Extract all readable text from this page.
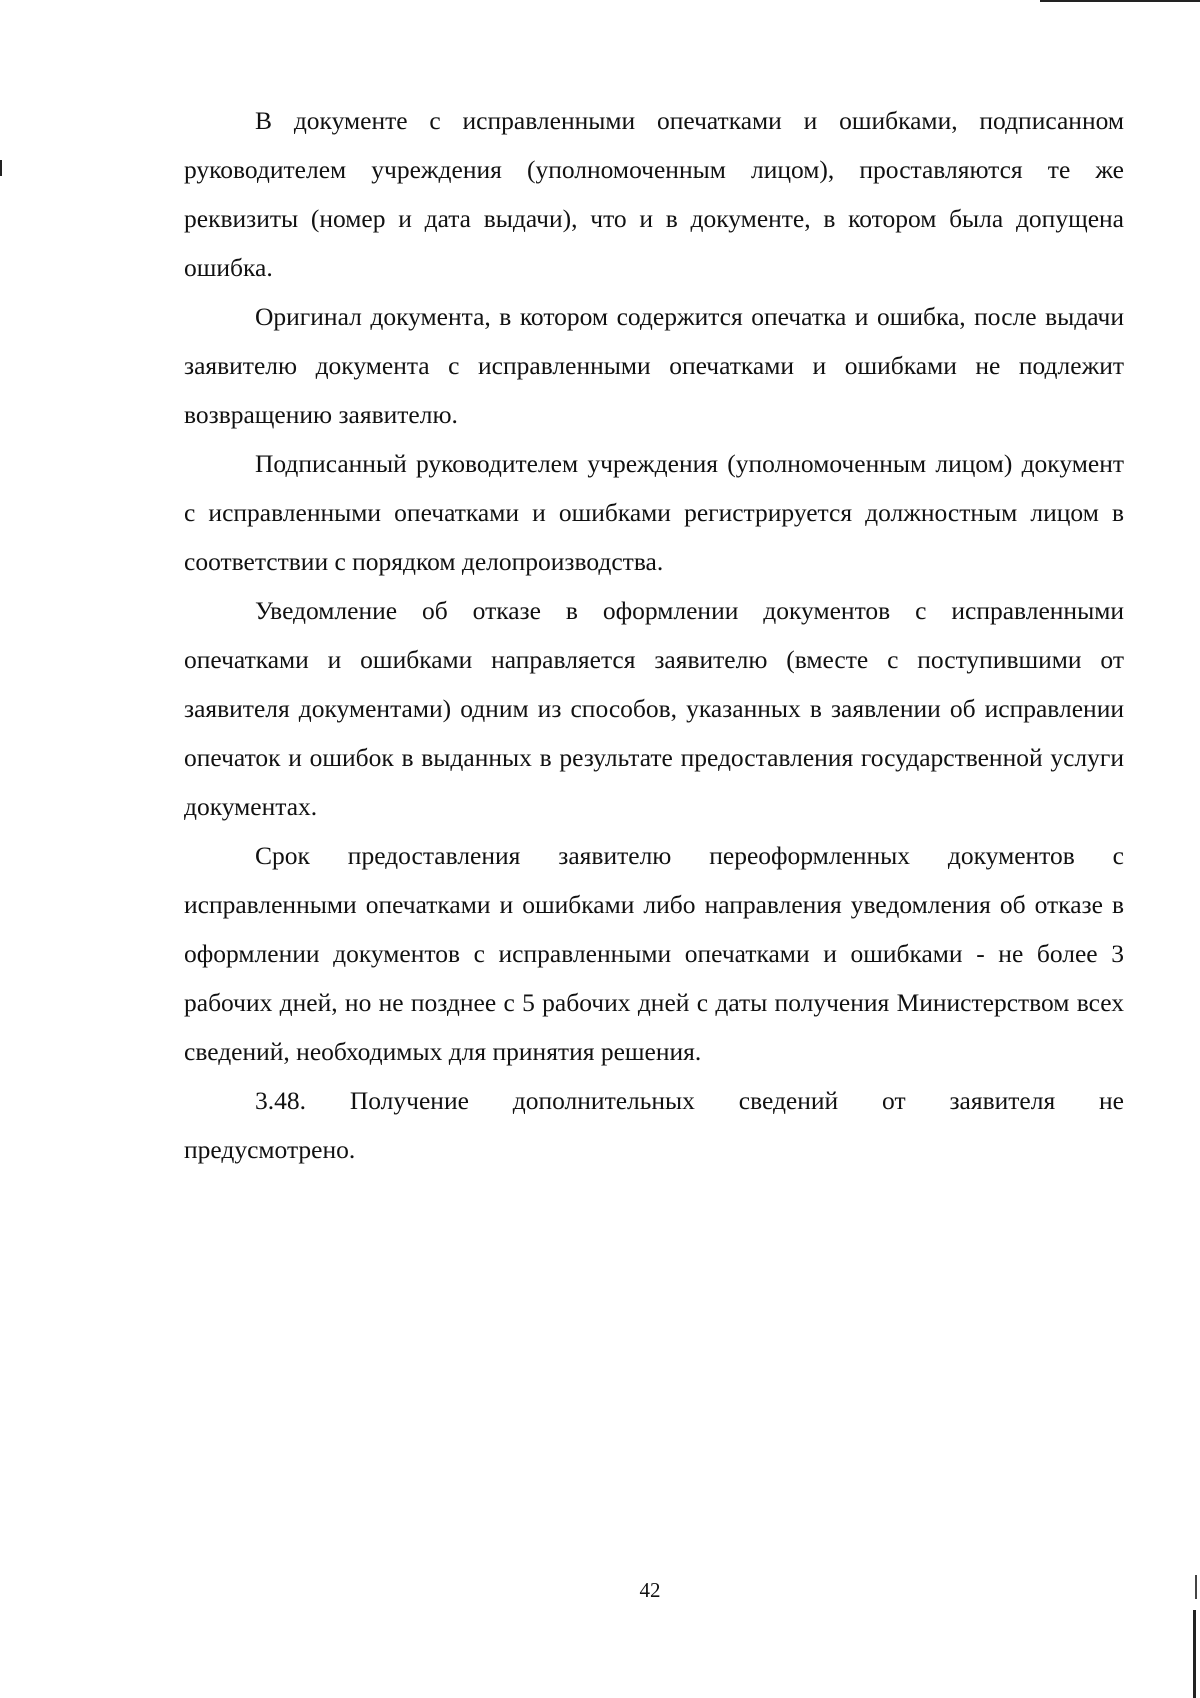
В документе с исправленными опечатками и ошибками, подписанном руководителем учреждения (уполномоченным лицом), проставляются те же реквизиты (номер и дата выдачи), что и в документе, в котором была допущена ошибка.

Оригинал документа, в котором содержится опечатка и ошибка, после выдачи заявителю документа с исправленными опечатками и ошибками не подлежит возвращению заявителю.

Подписанный руководителем учреждения (уполномоченным лицом) документ с исправленными опечатками и ошибками регистрируется должностным лицом в соответствии с порядком делопроизводства.

Уведомление об отказе в оформлении документов с исправленными опечатками и ошибками направляется заявителю (вместе с поступившими от заявителя документами) одним из способов, указанных в заявлении об исправлении опечаток и ошибок в выданных в результате предоставления государственной услуги документах.

Срок предоставления заявителю переоформленных документов с исправленными опечатками и ошибками либо направления уведомления об отказе в оформлении документов с исправленными опечатками и ошибками - не более 3 рабочих дней, но не позднее с 5 рабочих дней с даты получения Министерством всех сведений, необходимых для принятия решения.

3.48. Получение дополнительных сведений от заявителя не предусмотрено.

42
